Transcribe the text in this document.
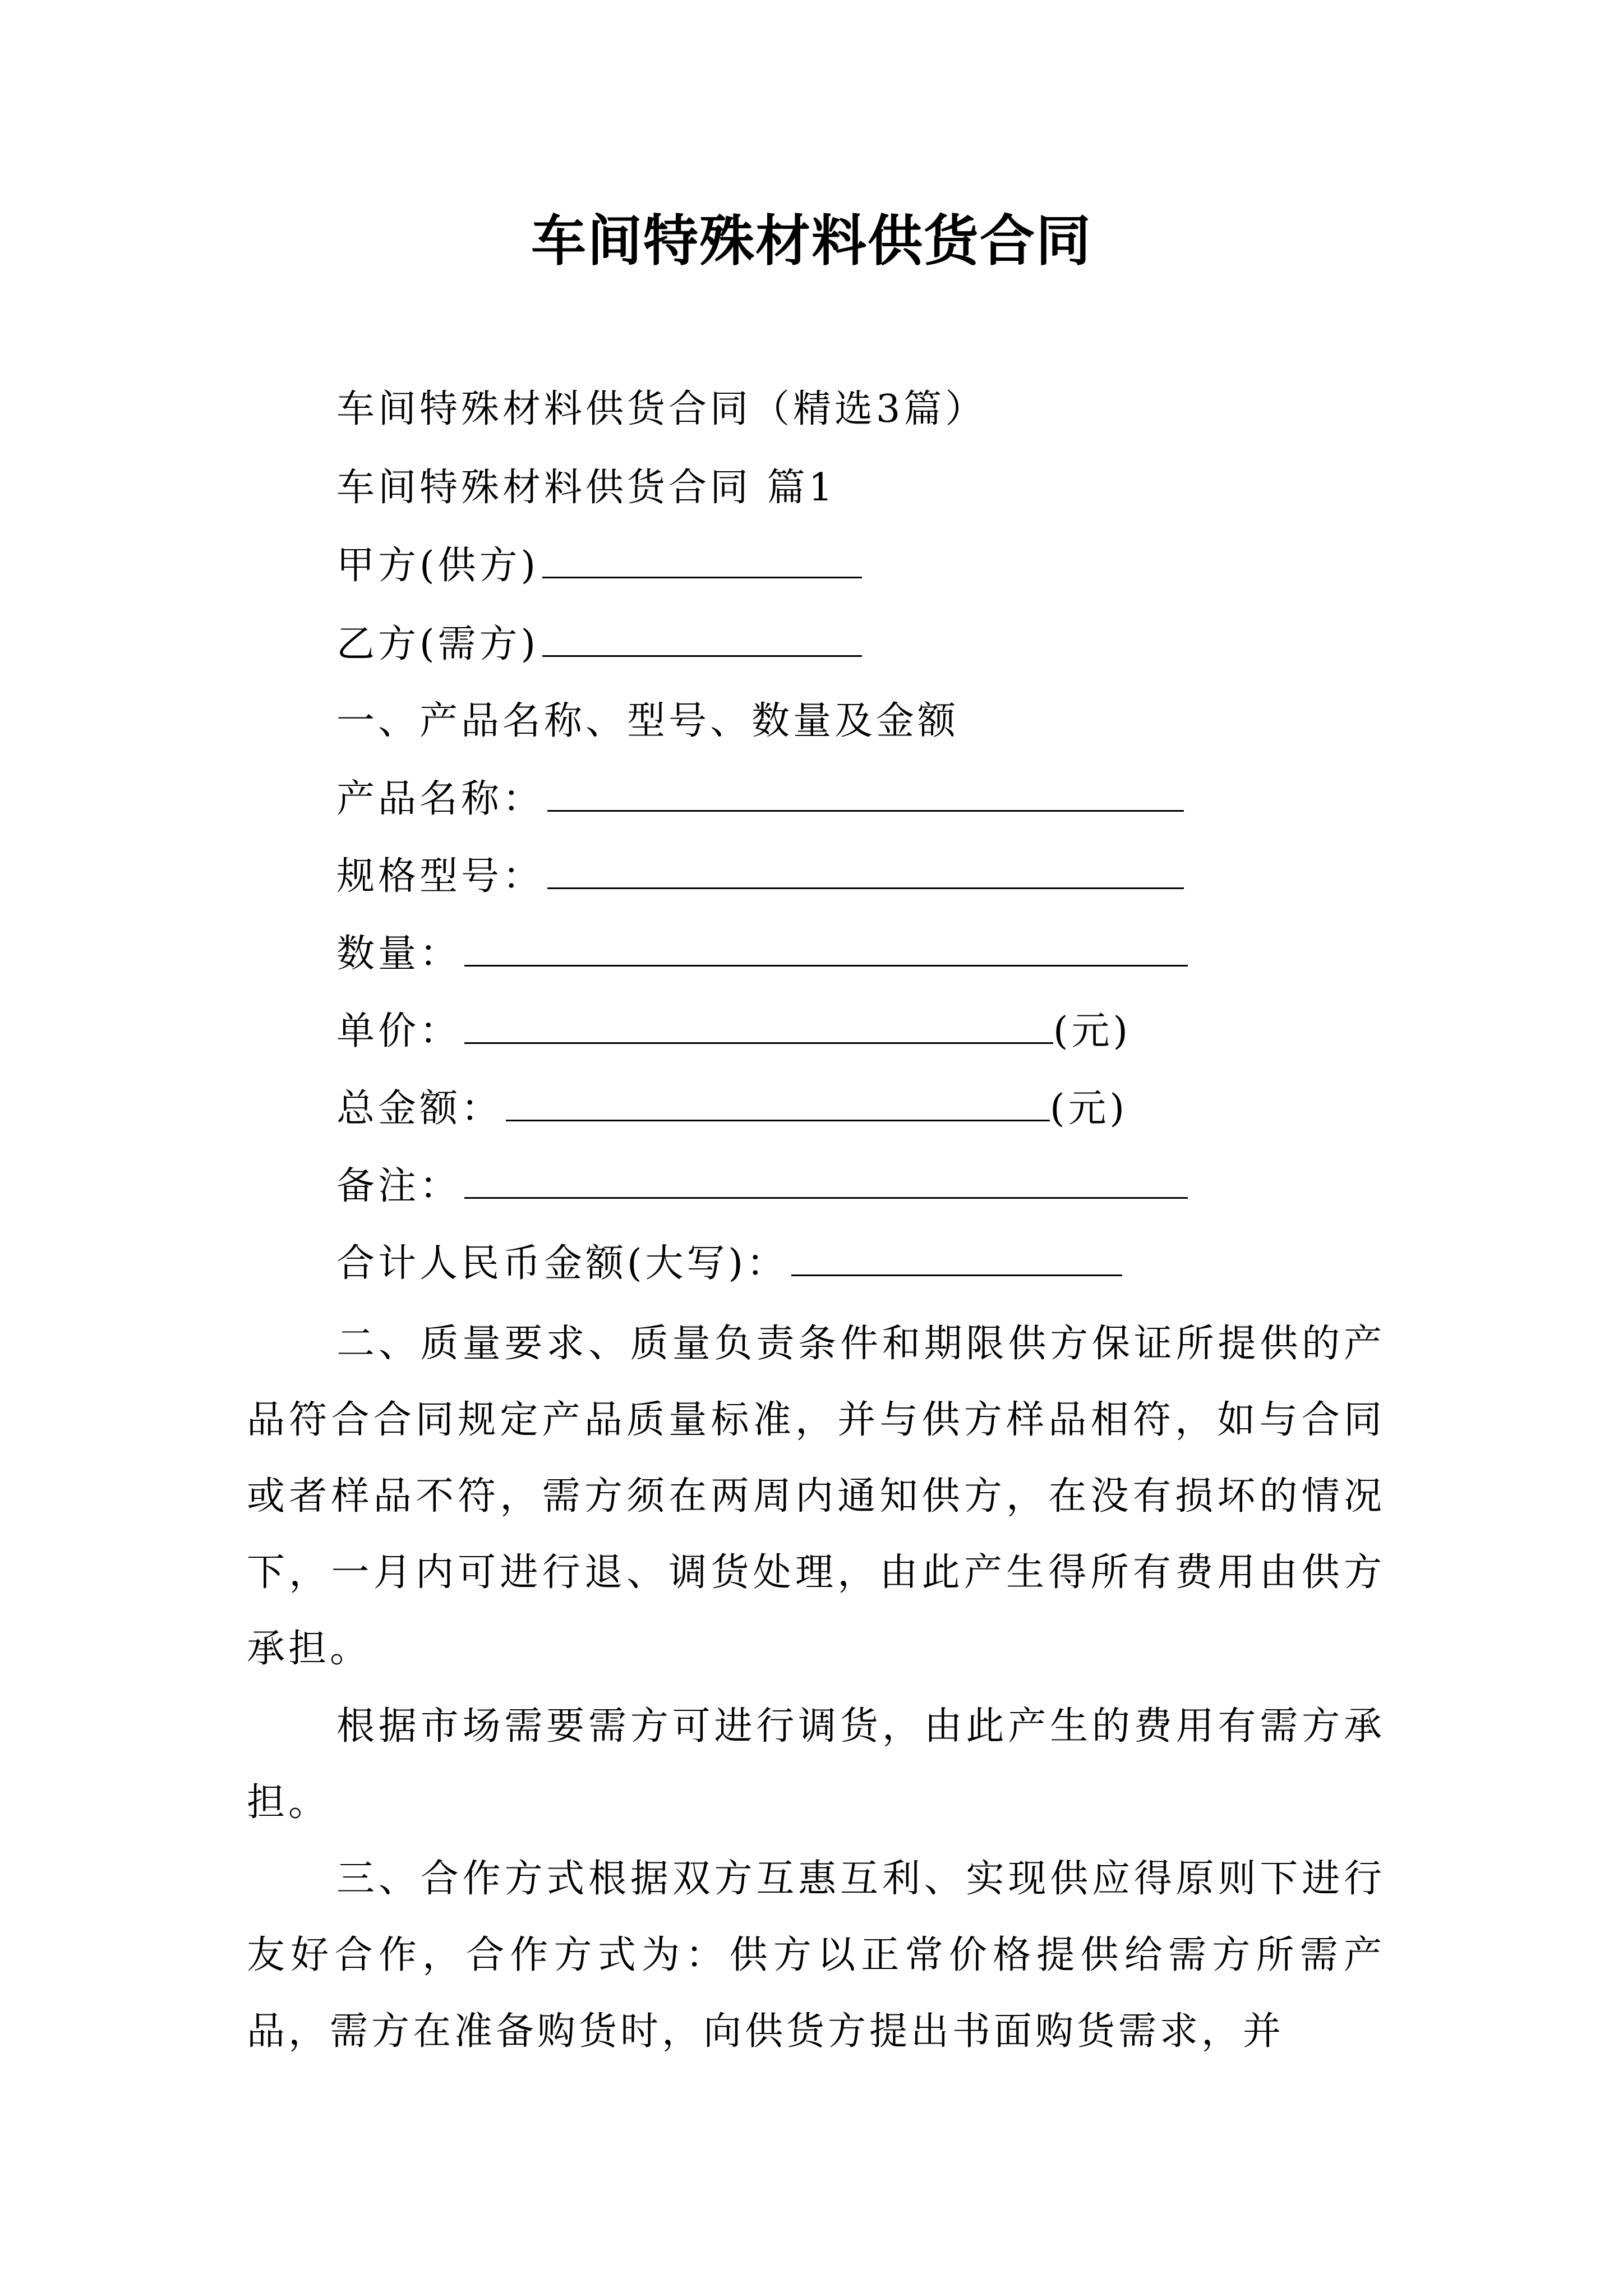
车间特殊材料供货合同
车间特殊材料供货合同（精选3篇）
车间特殊材料供货合同 篇1
甲方(供方)
乙方(需方)
一、产品名称、型号、数量及金额
产品名称：
规格型号：
数量：
单价：	(元)
总金额：	(元)
备注：
合计人民币金额(大写)：
二、质量要求、质量负责条件和期限供方保证所提供的产品符合合同规定产品质量标准，并与供方样品相符，如与合同或者样品不符，需方须在两周内通知供方，在没有损坏的情况下，一月内可进行退、调货处理，由此产生得所有费用由供方承担。
根据市场需要需方可进行调货，由此产生的费用有需方承担。
三、合作方式根据双方互惠互利、实现供应得原则下进行友好合作，合作方式为：供方以正常价格提供给需方所需产品，需方在准备购货时，向供货方提出书面购货需求，并
